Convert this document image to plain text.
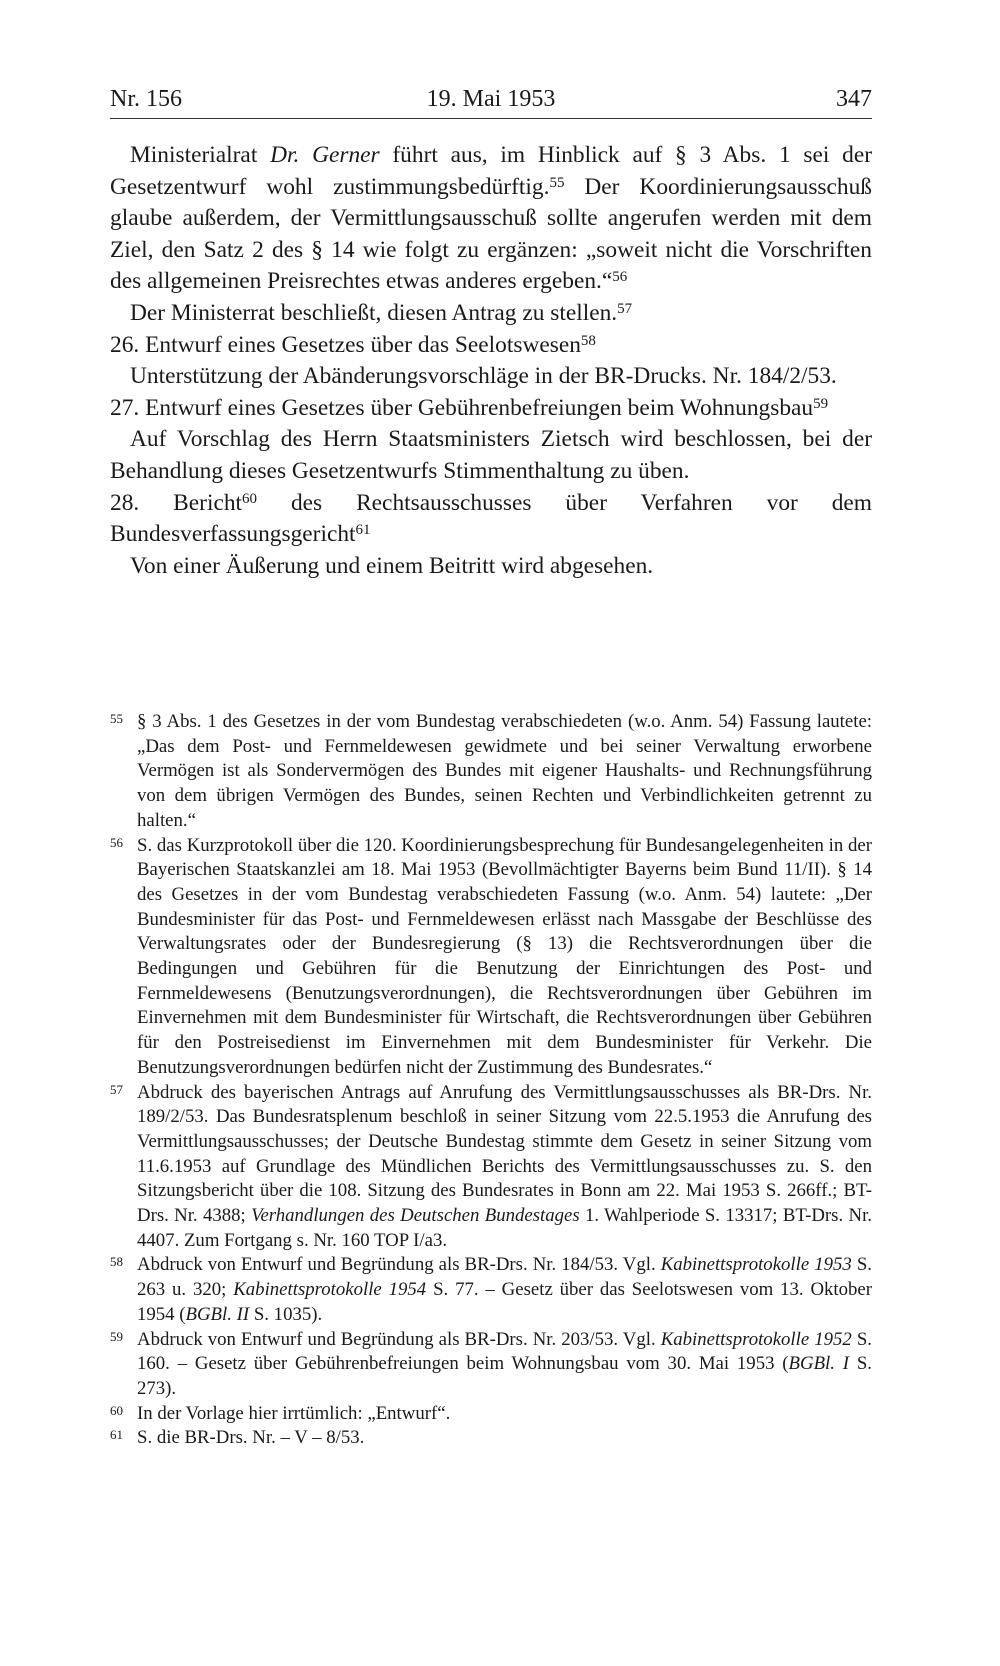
Nr. 156	19. Mai 1953	347

Ministerialrat Dr. Gerner führt aus, im Hinblick auf § 3 Abs. 1 sei der Gesetzentwurf wohl zustimmungsbedürftig.$^{55}$ Der Koordinierungsausschuß glaube außerdem, der Vermittlungsausschuß sollte angerufen werden mit dem Ziel, den Satz 2 des § 14 wie folgt zu ergänzen: „soweit nicht die Vorschriften des allgemeinen Preisrechtes etwas anderes ergeben.“$^{56}$

Der Ministerrat beschließt, diesen Antrag zu stellen.$^{57}$

26. Entwurf eines Gesetzes über das Seelotswesen$^{58}$

Unterstützung der Abänderungsvorschläge in der BR-Drucks. Nr. 184/2/53.

27. Entwurf eines Gesetzes über Gebührenbefreiungen beim Wohnungsbau$^{59}$

Auf Vorschlag des Herrn Staatsministers Zietsch wird beschlossen, bei der Behandlung dieses Gesetzentwurfs Stimmenthaltung zu üben.

28. Bericht$^{60}$ des Rechtsausschusses über Verfahren vor dem Bundesverfassungsgericht$^{61}$

Von einer Äußerung und einem Beitritt wird abgesehen.

55 § 3 Abs. 1 des Gesetzes in der vom Bundestag verabschiedeten (w.o. Anm. 54) Fassung lautete: „Das dem Post- und Fernmeldewesen gewidmete und bei seiner Verwaltung erworbene Vermögen ist als Sondervermögen des Bundes mit eigener Haushalts- und Rechnungsführung von dem übrigen Vermögen des Bundes, seinen Rechten und Verbindlichkeiten getrennt zu halten.“

56 S. das Kurzprotokoll über die 120. Koordinierungsbesprechung für Bundesangelegenheiten in der Bayerischen Staatskanzlei am 18. Mai 1953 (Bevollmächtigter Bayerns beim Bund 11/II). § 14 des Gesetzes in der vom Bundestag verabschiedeten Fassung (w.o. Anm. 54) lautete: „Der Bundesminister für das Post- und Fernmeldewesen erlässt nach Massgabe der Beschlüsse des Verwaltungsrates oder der Bundesregierung (§ 13) die Rechtsverordnungen über die Bedingungen und Gebühren für die Benutzung der Einrichtungen des Post- und Fernmeldewesens (Benutzungsverordnungen), die Rechtsverordnungen über Gebühren im Einvernehmen mit dem Bundesminister für Wirtschaft, die Rechtsverordnungen über Gebühren für den Postreisedienst im Einvernehmen mit dem Bundesminister für Verkehr. Die Benutzungsverordnungen bedürfen nicht der Zustimmung des Bundesrates.“

57 Abdruck des bayerischen Antrags auf Anrufung des Vermittlungsausschusses als BR-Drs. Nr. 189/2/53. Das Bundesratsplenum beschloß in seiner Sitzung vom 22.5.1953 die Anrufung des Vermittlungsausschusses; der Deutsche Bundestag stimmte dem Gesetz in seiner Sitzung vom 11.6.1953 auf Grundlage des Mündlichen Berichts des Vermittlungsausschusses zu. S. den Sitzungsbericht über die 108. Sitzung des Bundesrates in Bonn am 22. Mai 1953 S. 266ff.; BT-Drs. Nr. 4388; Verhandlungen des Deutschen Bundestages 1. Wahlperiode S. 13317; BT-Drs. Nr. 4407. Zum Fortgang s. Nr. 160 TOP I/a3.

58 Abdruck von Entwurf und Begründung als BR-Drs. Nr. 184/53. Vgl. Kabinettsprotokolle 1953 S. 263 u. 320; Kabinettsprotokolle 1954 S. 77. – Gesetz über das Seelotswesen vom 13. Oktober 1954 (BGBl. II S. 1035).

59 Abdruck von Entwurf und Begründung als BR-Drs. Nr. 203/53. Vgl. Kabinettsprotokolle 1952 S. 160. – Gesetz über Gebührenbefreiungen beim Wohnungsbau vom 30. Mai 1953 (BGBl. I S. 273).

60 In der Vorlage hier irrtümlich: „Entwurf“.

61 S. die BR-Drs. Nr. – V – 8/53.
